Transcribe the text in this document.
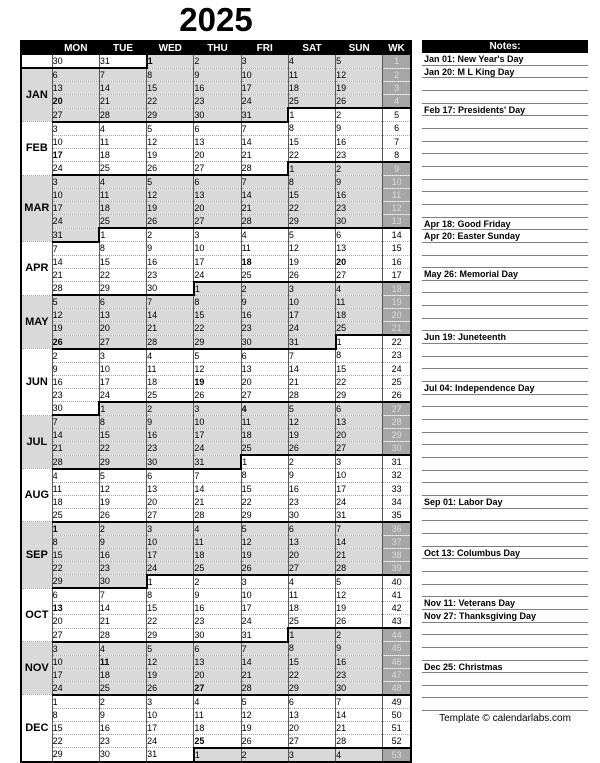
2025
	MON	TUE	WED	THU	FRI	SAT	SUN	WK
	30	31	1	2	3	4	5	1
JAN	6	7	8	9	10	11	12	2
	13	14	15	16	17	18	19	3
	20	21	22	23	24	25	26	4
	27	28	29	30	31	1	2	5
FEB	3	4	5	6	7	8	9	6
	10	11	12	13	14	15	16	7
	17	18	19	20	21	22	23	8
	24	25	26	27	28	1	2	9
MAR	3	4	5	6	7	8	9	10
	10	11	12	13	14	15	16	11
	17	18	19	20	21	22	23	12
	24	25	26	27	28	29	30	13
	31	1	2	3	4	5	6	14
APR	7	8	9	10	11	12	13	15
	14	15	16	17	18	19	20	16
	21	22	23	24	25	26	27	17
	28	29	30	1	2	3	4	18
MAY	5	6	7	8	9	10	11	19
	12	13	14	15	16	17	18	20
	19	20	21	22	23	24	25	21
	26	27	28	29	30	31	1	22
JUN	2	3	4	5	6	7	8	23
	9	10	11	12	13	14	15	24
	16	17	18	19	20	21	22	25
	23	24	25	26	27	28	29	26
	30	1	2	3	4	5	6	27
JUL	7	8	9	10	11	12	13	28
	14	15	16	17	18	19	20	29
	21	22	23	24	25	26	27	30
	28	29	30	31	1	2	3	31
AUG	4	5	6	7	8	9	10	32
	11	12	13	14	15	16	17	33
	18	19	20	21	22	23	24	34
	25	26	27	28	29	30	31	35
SEP	1	2	3	4	5	6	7	36
	8	9	10	11	12	13	14	37
	15	16	17	18	19	20	21	38
	22	23	24	25	26	27	28	39
	29	30	1	2	3	4	5	40
OCT	6	7	8	9	10	11	12	41
	13	14	15	16	17	18	19	42
	20	21	22	23	24	25	26	43
	27	28	29	30	31	1	2	44
NOV	3	4	5	6	7	8	9	45
	10	11	12	13	14	15	16	46
	17	18	19	20	21	22	23	47
	24	25	26	27	28	29	30	48
DEC	1	2	3	4	5	6	7	49
	8	9	10	11	12	13	14	50
	15	16	17	18	19	20	21	51
	22	23	24	25	26	27	28	52
	29	30	31	1	2	3	4	53
Notes:
Jan 01: New Year's Day
Jan 20: M L King Day
Feb 17: Presidents' Day
Apr 18: Good Friday
Apr 20: Easter Sunday
May 26: Memorial Day
Jun 19: Juneteenth
Jul 04: Independence Day
Sep 01: Labor Day
Oct 13: Columbus Day
Nov 11: Veterans Day
Nov 27: Thanksgiving Day
Dec 25: Christmas
Template © calendarlabs.com
